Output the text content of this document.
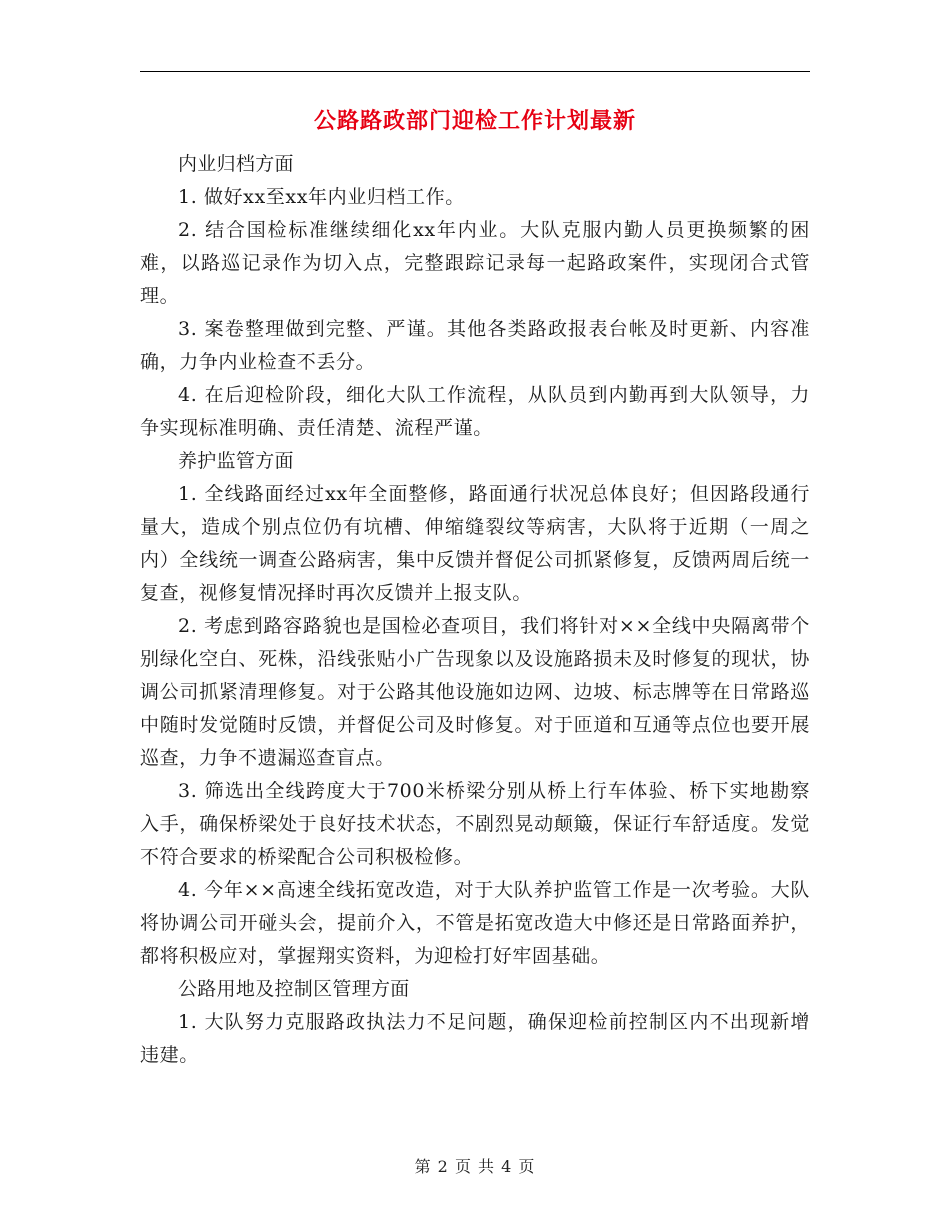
公路路政部门迎检工作计划最新

内业归档方面

1. 做好xx至xx年内业归档工作。

2. 结合国检标准继续细化xx年内业。大队克服内勤人员更换频繁的困难，以路巡记录作为切入点，完整跟踪记录每一起路政案件，实现闭合式管理。

3. 案卷整理做到完整、严谨。其他各类路政报表台帐及时更新、内容准确，力争内业检查不丢分。

4. 在后迎检阶段，细化大队工作流程，从队员到内勤再到大队领导，力争实现标准明确、责任清楚、流程严谨。

养护监管方面

1. 全线路面经过xx年全面整修，路面通行状况总体良好；但因路段通行量大，造成个别点位仍有坑槽、伸缩缝裂纹等病害，大队将于近期（一周之内）全线统一调查公路病害，集中反馈并督促公司抓紧修复，反馈两周后统一复查，视修复情况择时再次反馈并上报支队。

2. 考虑到路容路貌也是国检必查项目，我们将针对××全线中央隔离带个别绿化空白、死株，沿线张贴小广告现象以及设施路损未及时修复的现状，协调公司抓紧清理修复。对于公路其他设施如边网、边坡、标志牌等在日常路巡中随时发觉随时反馈，并督促公司及时修复。对于匝道和互通等点位也要开展巡查，力争不遗漏巡查盲点。

3. 筛选出全线跨度大于700米桥梁分别从桥上行车体验、桥下实地勘察入手，确保桥梁处于良好技术状态，不剧烈晃动颠簸，保证行车舒适度。发觉不符合要求的桥梁配合公司积极检修。

4. 今年××高速全线拓宽改造，对于大队养护监管工作是一次考验。大队将协调公司开碰头会，提前介入，不管是拓宽改造大中修还是日常路面养护，都将积极应对，掌握翔实资料，为迎检打好牢固基础。

公路用地及控制区管理方面

1. 大队努力克服路政执法力不足问题，确保迎检前控制区内不出现新增违建。

第 2 页 共 4 页
